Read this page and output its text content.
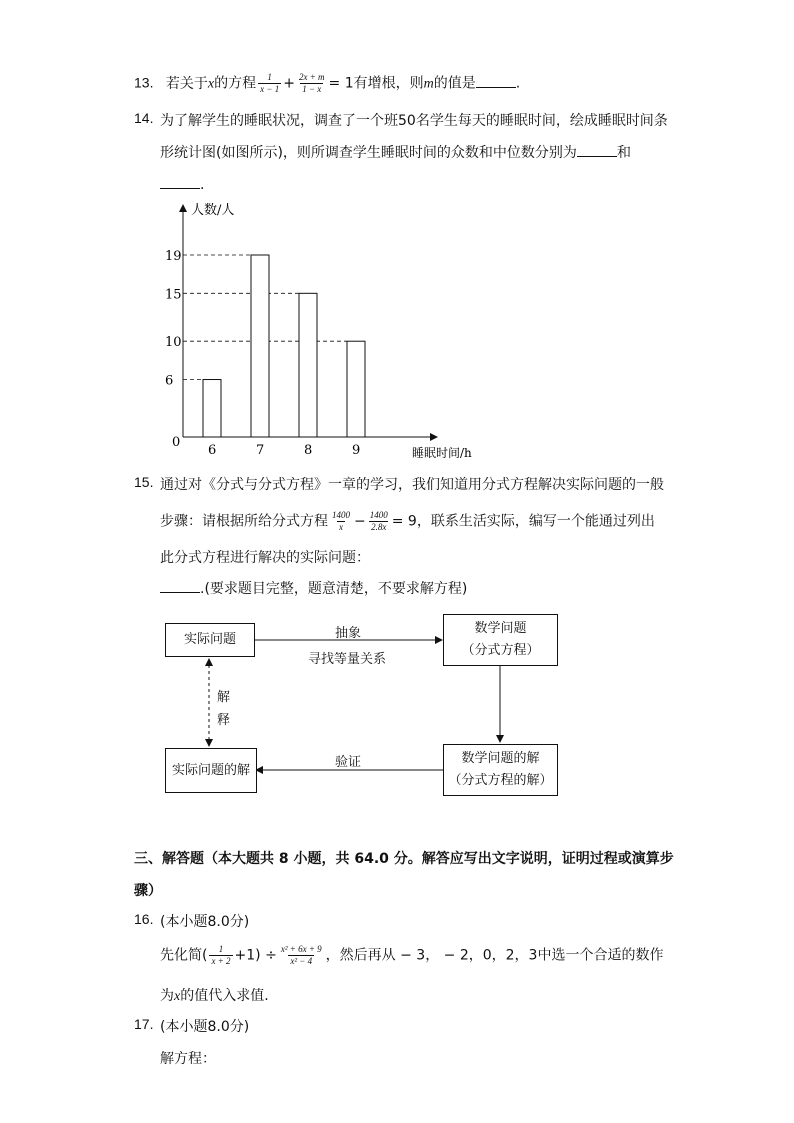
13. 若关于x的方程 $\frac{1}{x - 1} + \frac{2x + m}{1 - x} = 1$有增根，则m的值是	.
14. 为了解学生的睡眠状况，调查了一个班50名学生每天的睡眠时间，绘成睡眠时间条
形统计图(如图所示)，则所调查学生睡眠时间的众数和中位数分别为	和
.
人数/人
睡眠时间/h
0
6
19
15
10
6	7	8	9
15. 通过对《分式与分式方程》一章的学习，我们知道用分式方程解决实际问题的一般
步骤：请根据所给分式方程 $\frac{1400}{x} - \frac{1400}{2.8x} = 9$，联系生活实际，编写一个能通过列出
此分式方程进行解决的实际问题：
.(要求题目完整，题意清楚，不要求解方程)
实际问题	抽象
寻找等量关系
数学问题
（分式方程）
解
释
验证
实际问题的解
数学问题的解
（分式方程的解）
三、解答题（本大题共 8 小题，共 64.0 分。解答应写出文字说明，证明过程或演算步
骤）
16. (本小题8.0分)
先化简( $\frac{1}{x + 2} +1) \div \frac{\text{x² + 6x + 9}}{\text{x² − 4}}$ ，然后再从 − 3， − 2，0，2，3中选一个合适的数作
为x的值代入求值.
17. (本小题8.0分)
解方程：
